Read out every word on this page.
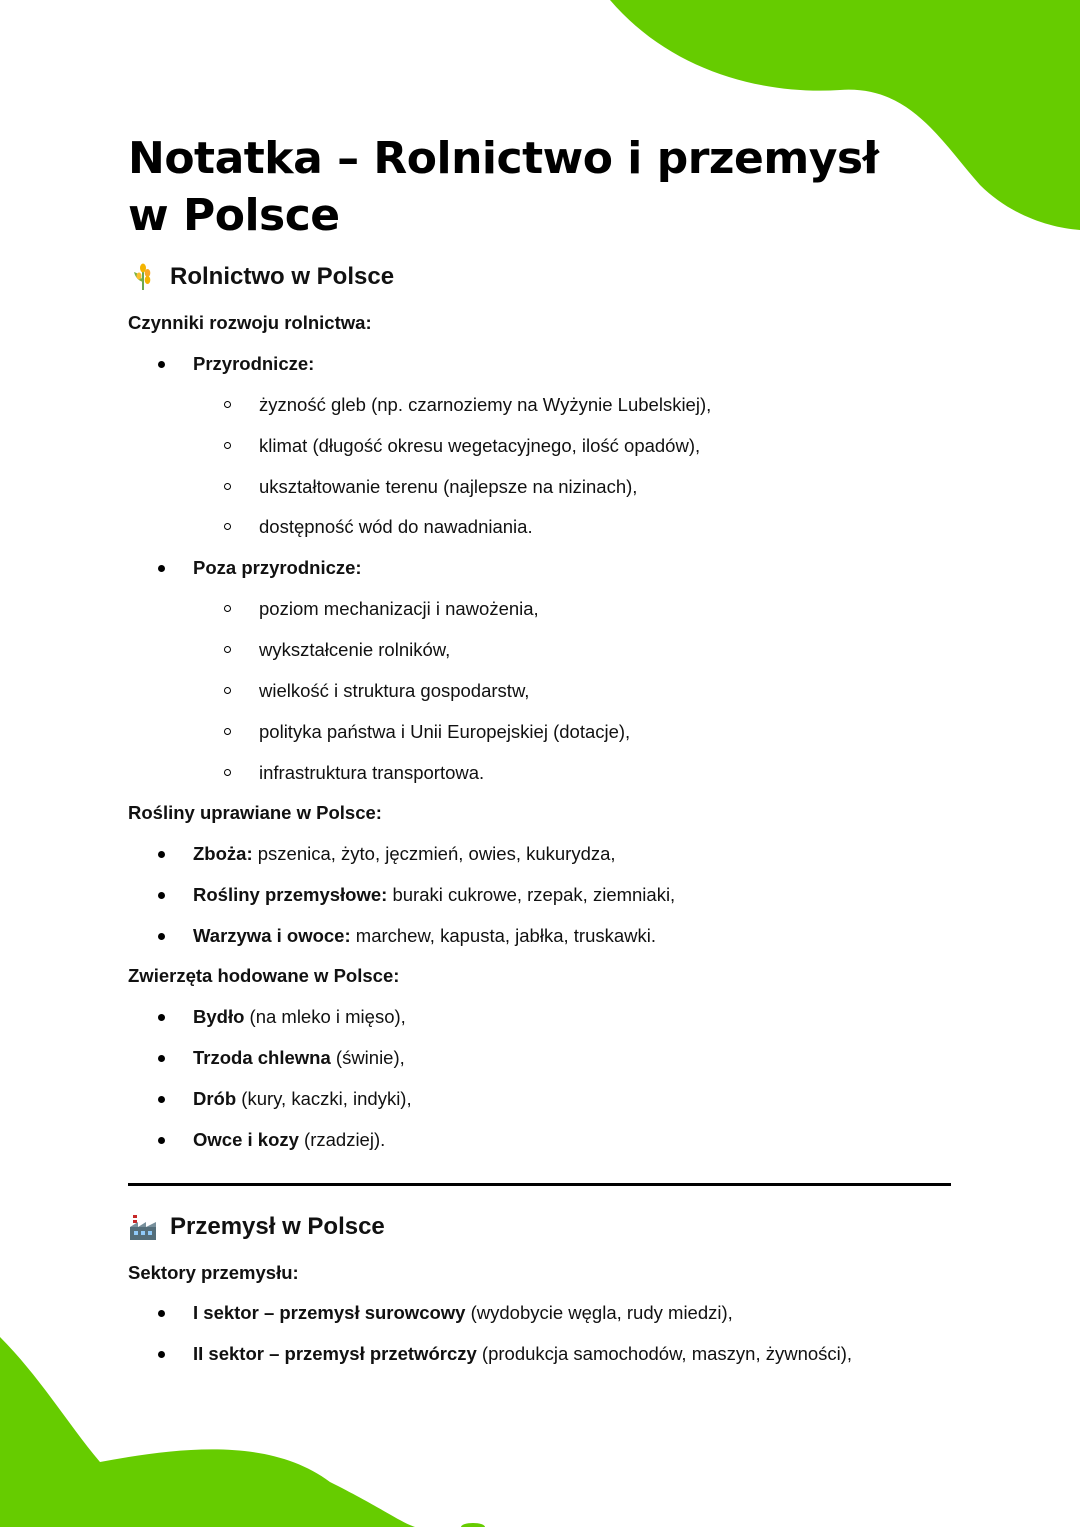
Notatka – Rolnictwo i przemysł w Polsce
Rolnictwo w Polsce
Czynniki rozwoju rolnictwa:
Przyrodnicze:
żyzność gleb (np. czarnoziemy na Wyżynie Lubelskiej),
klimat (długość okresu wegetacyjnego, ilość opadów),
ukształtowanie terenu (najlepsze na nizinach),
dostępność wód do nawadniania.
Poza przyrodnicze:
poziom mechanizacji i nawożenia,
wykształcenie rolników,
wielkość i struktura gospodarstw,
polityka państwa i Unii Europejskiej (dotacje),
infrastruktura transportowa.
Rośliny uprawiane w Polsce:
Zboża: pszenica, żyto, jęczmień, owies, kukurydza,
Rośliny przemysłowe: buraki cukrowe, rzepak, ziemniaki,
Warzywa i owoce: marchew, kapusta, jabłka, truskawki.
Zwierzęta hodowane w Polsce:
Bydło (na mleko i mięso),
Trzoda chlewna (świnie),
Drób (kury, kaczki, indyki),
Owce i kozy (rzadziej).
Przemysł w Polsce
Sektory przemysłu:
I sektor – przemysł surowcowy (wydobycie węgla, rudy miedzi),
II sektor – przemysł przetwórczy (produkcja samochodów, maszyn, żywności),
